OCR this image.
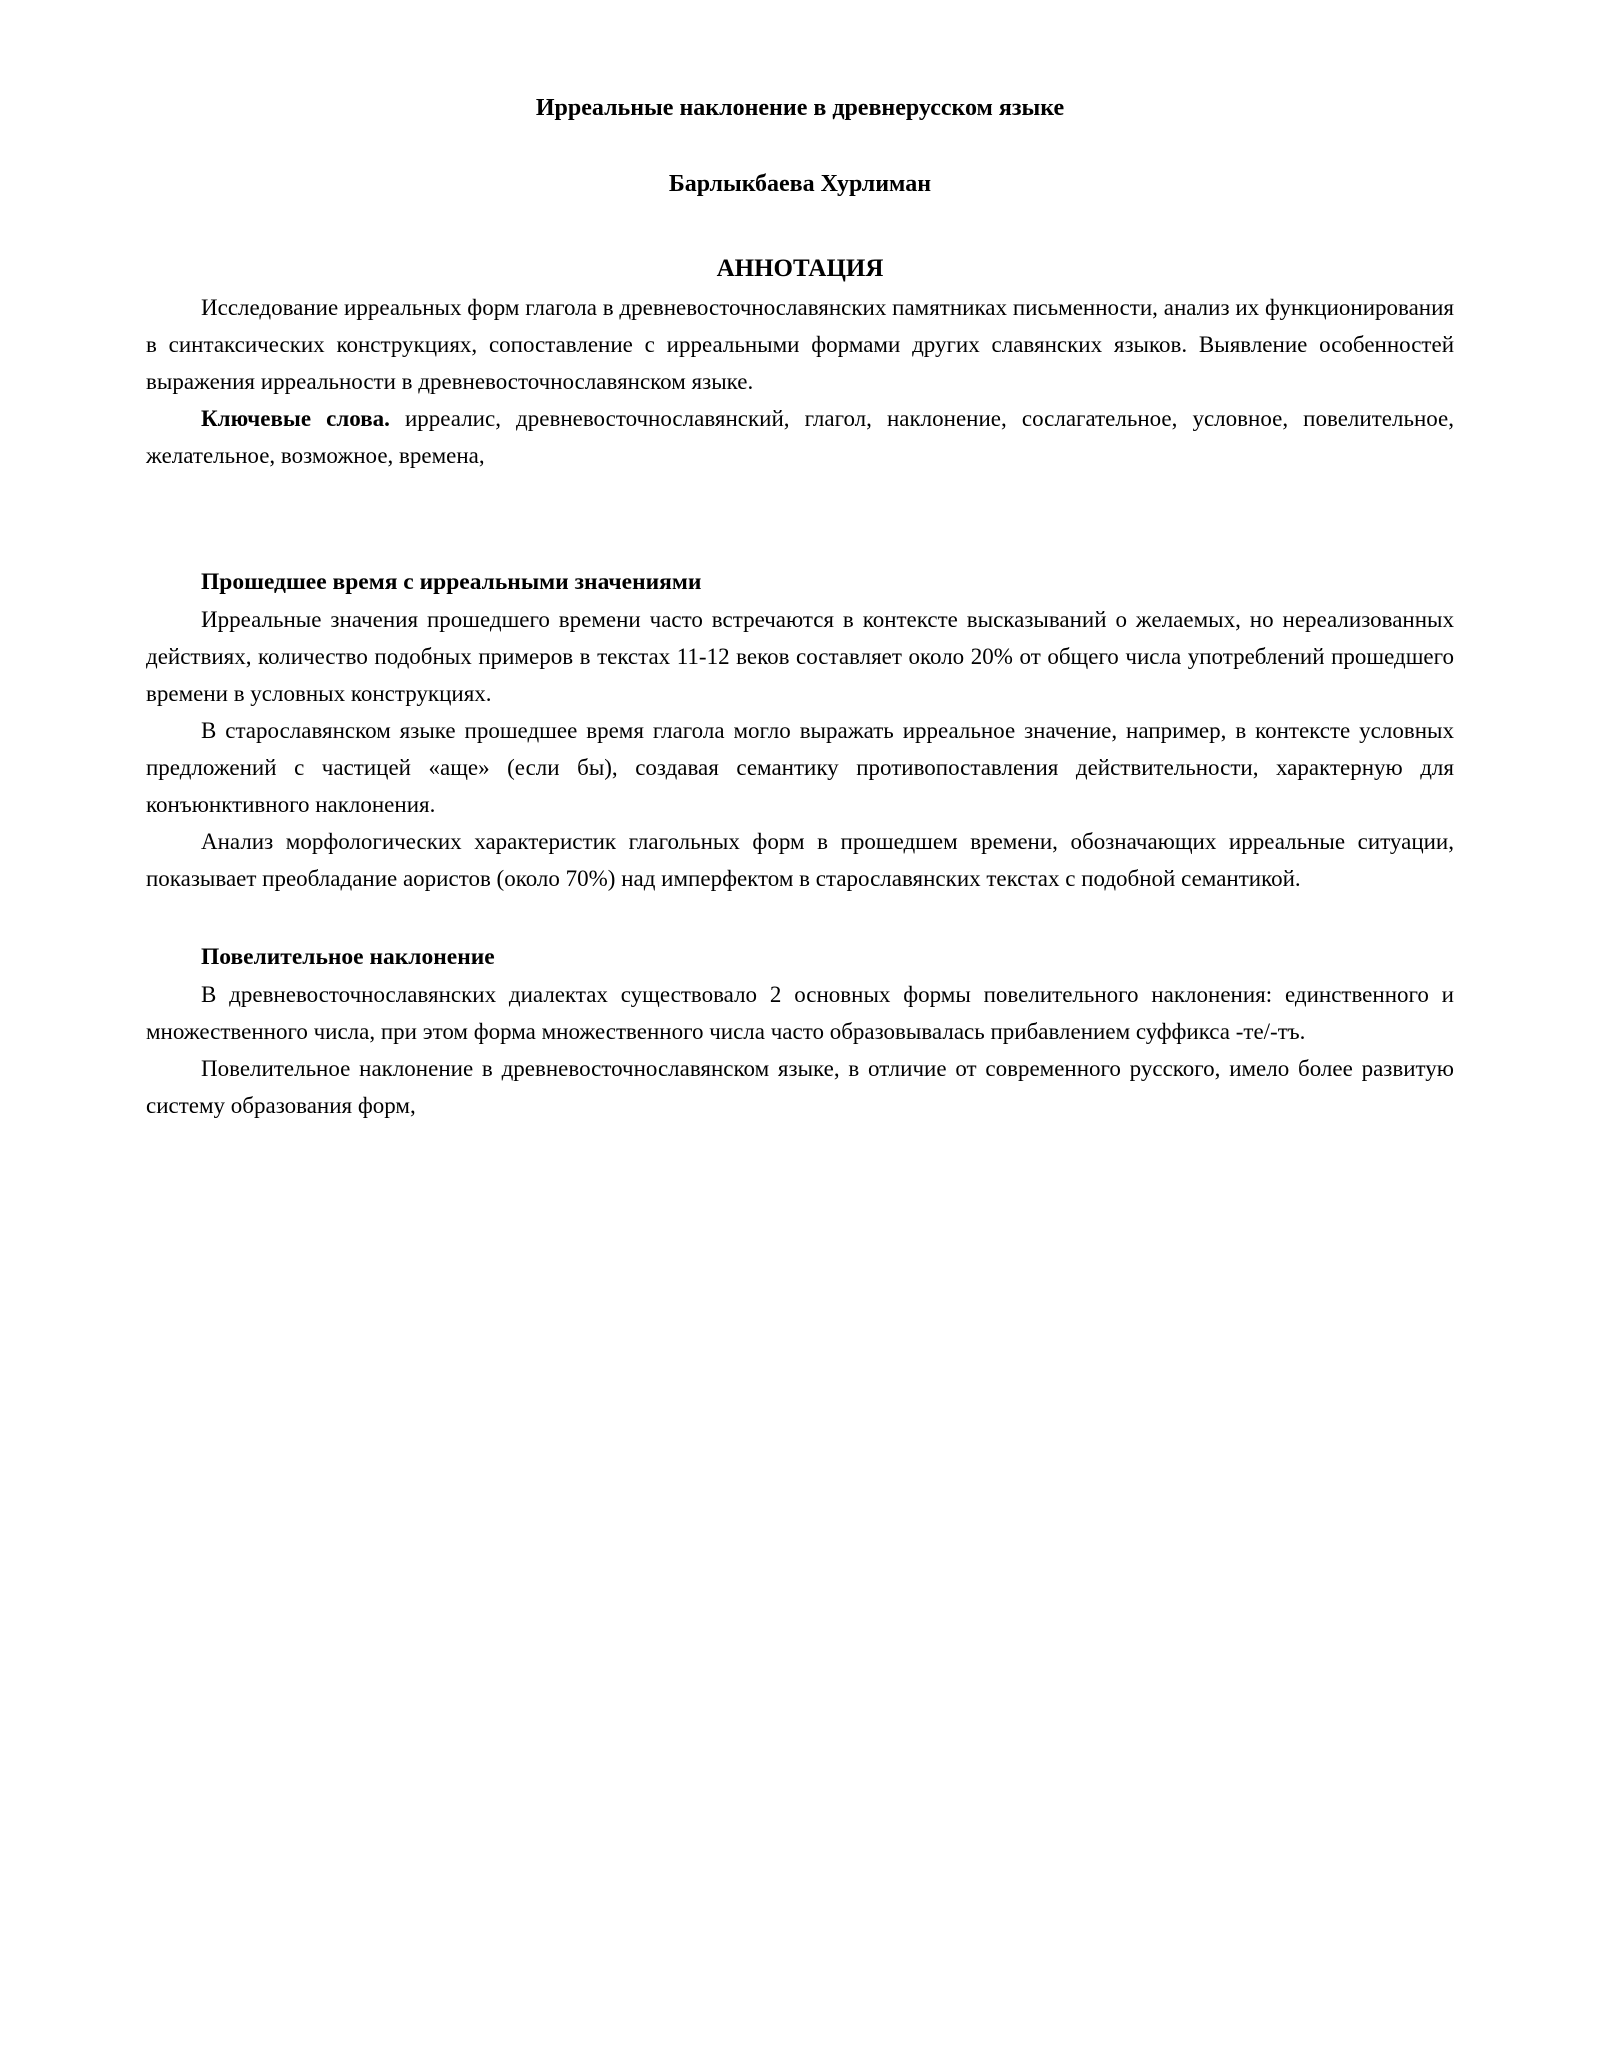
Ирреальные наклонение в древнерусском языке

Барлыкбаева Хурлиман

АННОТАЦИЯ

Исследование ирреальных форм глагола в древневосточнославянских памятниках письменности, анализ их функционирования в синтаксических конструкциях, сопоставление с ирреальными формами других славянских языков. Выявление особенностей выражения ирреальности в древневосточнославянском языке.

Ключевые слова. ирреалис, древневосточнославянский, глагол, наклонение, сослагательное, условное, повелительное, желательное, возможное, времена,

Прошедшее время с ирреальными значениями

Ирреальные значения прошедшего времени часто встречаются в контексте высказываний о желаемых, но нереализованных действиях, количество подобных примеров в текстах 11-12 веков составляет около 20% от общего числа употреблений прошедшего времени в условных конструкциях.

В старославянском языке прошедшее время глагола могло выражать ирреальное значение, например, в контексте условных предложений с частицей «аще» (если бы), создавая семантику противопоставления действительности, характерную для конъюнктивного наклонения.

Анализ морфологических характеристик глагольных форм в прошедшем времени, обозначающих ирреальные ситуации, показывает преобладание аористов (около 70%) над имперфектом в старославянских текстах с подобной семантикой.

Повелительное наклонение

В древневосточнославянских диалектах существовало 2 основных формы повелительного наклонения: единственного и множественного числа, при этом форма множественного числа часто образовывалась прибавлением суффикса -те/-тъ.

Повелительное наклонение в древневосточнославянском языке, в отличие от современного русского, имело более развитую систему образования форм,
